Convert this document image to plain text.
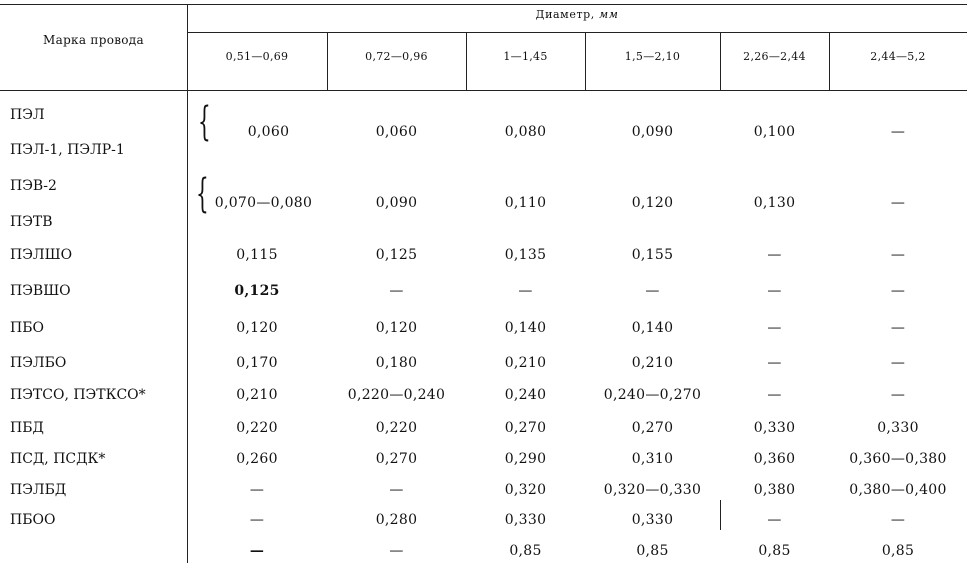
Марка провода
Диаметр, мм
0,51—0,69	0,72—0,96	1—1,45	1,5—2,10	2,26—2,44	2,44—5,2
ПЭЛ
ПЭЛ-1, ПЭЛР-1
{	0,060	0,060	0,080	0,090	0,100	—
ПЭВ-2
ПЭТВ
{ 0,070—0,080	0,090	0,110	0,120	0,130	—
ПЭЛШО	0,115	0,125	0,135	0,155	—	—
ПЭВШО	0,125	—	—	—	—	—
ПБО	0,120	0,120	0,140	0,140	—	—
ПЭЛБО	0,170	0,180	0,210	0,210	—	—
ПЭТСО, ПЭТКСО*	0,210	0,220—0,240	0,240	0,240—0,270	—	—
ПБД	0,220	0,220	0,270	0,270	0,330	0,330
ПСД, ПСДК*	0,260	0,270	0,290	0,310	0,360	0,360—0,380
ПЭЛБД	—	—	0,320	0,320—0,330	0,380	0,380—0,400
ПБОО	—	0,280	0,330	0,330	—	—
—	—	0,85	0,85	0,85	0,85
